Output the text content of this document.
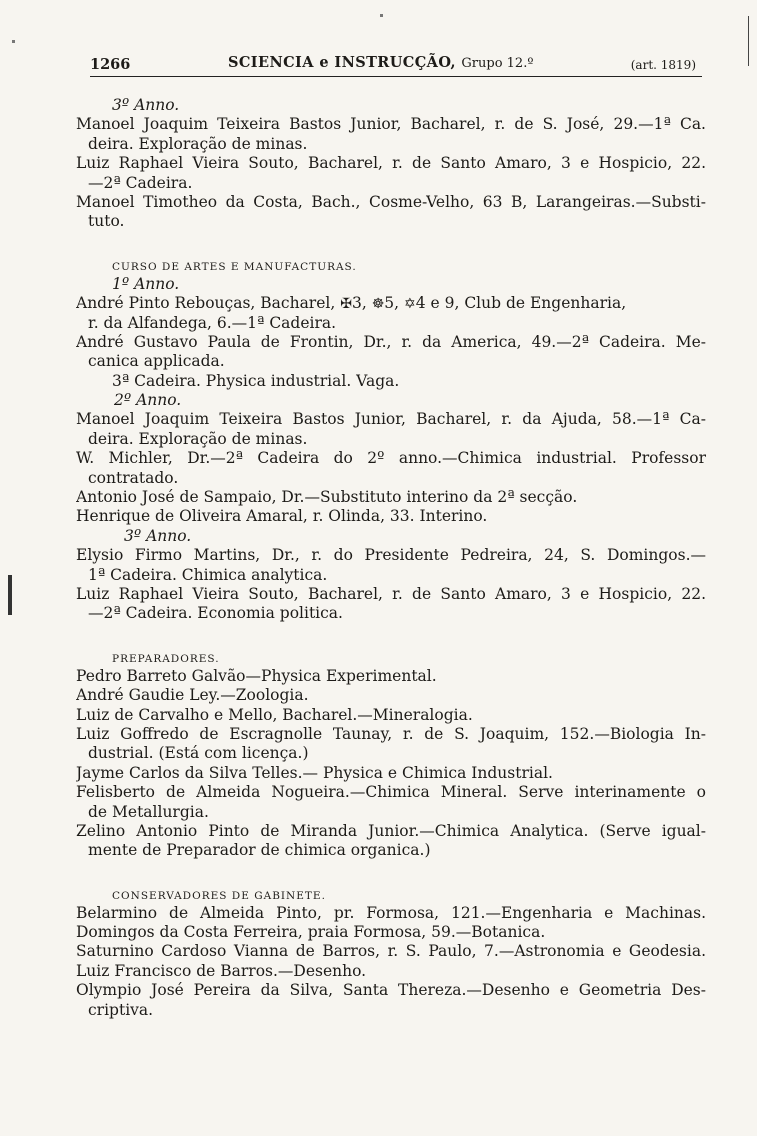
1266	SCIENCIA e INSTRUCÇÃO, Grupo 12.º	(art. 1819)
3º Anno.
Manoel Joaquim Teixeira Bastos Junior, Bacharel, r. de S. José, 29.—1ª Ca.
deira. Exploração de minas.
Luiz Raphael Vieira Souto, Bacharel, r. de Santo Amaro, 3 e Hospicio, 22.
—2ª Cadeira.
Manoel Timotheo da Costa, Bach., Cosme-Velho, 63 B, Larangeiras.—Substi-
tuto.
CURSO DE ARTES E MANUFACTURAS.
1º Anno.
André Pinto Rebouças, Bacharel, ✠3, ☸5, ✡4 e 9, Club de Engenharia,
r. da Alfandega, 6.—1ª Cadeira.
André Gustavo Paula de Frontin, Dr., r. da America, 49.—2ª Cadeira. Me-
canica applicada.
3ª Cadeira. Physica industrial. Vaga.
2º Anno.
Manoel Joaquim Teixeira Bastos Junior, Bacharel, r. da Ajuda, 58.—1ª Ca-
deira. Exploração de minas.
W. Michler, Dr.—2ª Cadeira do 2º anno.—Chimica industrial. Professor
contratado.
Antonio José de Sampaio, Dr.—Substituto interino da 2ª secção.
Henrique de Oliveira Amaral, r. Olinda, 33. Interino.
3º Anno.
Elysio Firmo Martins, Dr., r. do Presidente Pedreira, 24, S. Domingos.—
1ª Cadeira. Chimica analytica.
Luiz Raphael Vieira Souto, Bacharel, r. de Santo Amaro, 3 e Hospicio, 22.
—2ª Cadeira. Economia politica.
PREPARADORES.
Pedro Barreto Galvão—Physica Experimental.
André Gaudie Ley.—Zoologia.
Luiz de Carvalho e Mello, Bacharel.—Mineralogia.
Luiz Goffredo de Escragnolle Taunay, r. de S. Joaquim, 152.—Biologia In-
dustrial. (Está com licença.)
Jayme Carlos da Silva Telles.— Physica e Chimica Industrial.
Felisberto de Almeida Nogueira.—Chimica Mineral. Serve interinamente o
de Metallurgia.
Zelino Antonio Pinto de Miranda Junior.—Chimica Analytica. (Serve igual-
mente de Preparador de chimica organica.)
CONSERVADORES DE GABINETE.
Belarmino de Almeida Pinto, pr. Formosa, 121.—Engenharia e Machinas.
Domingos da Costa Ferreira, praia Formosa, 59.—Botanica.
Saturnino Cardoso Vianna de Barros, r. S. Paulo, 7.—Astronomia e Geodesia.
Luiz Francisco de Barros.—Desenho.
Olympio José Pereira da Silva, Santa Thereza.—Desenho e Geometria Des-
criptiva.
